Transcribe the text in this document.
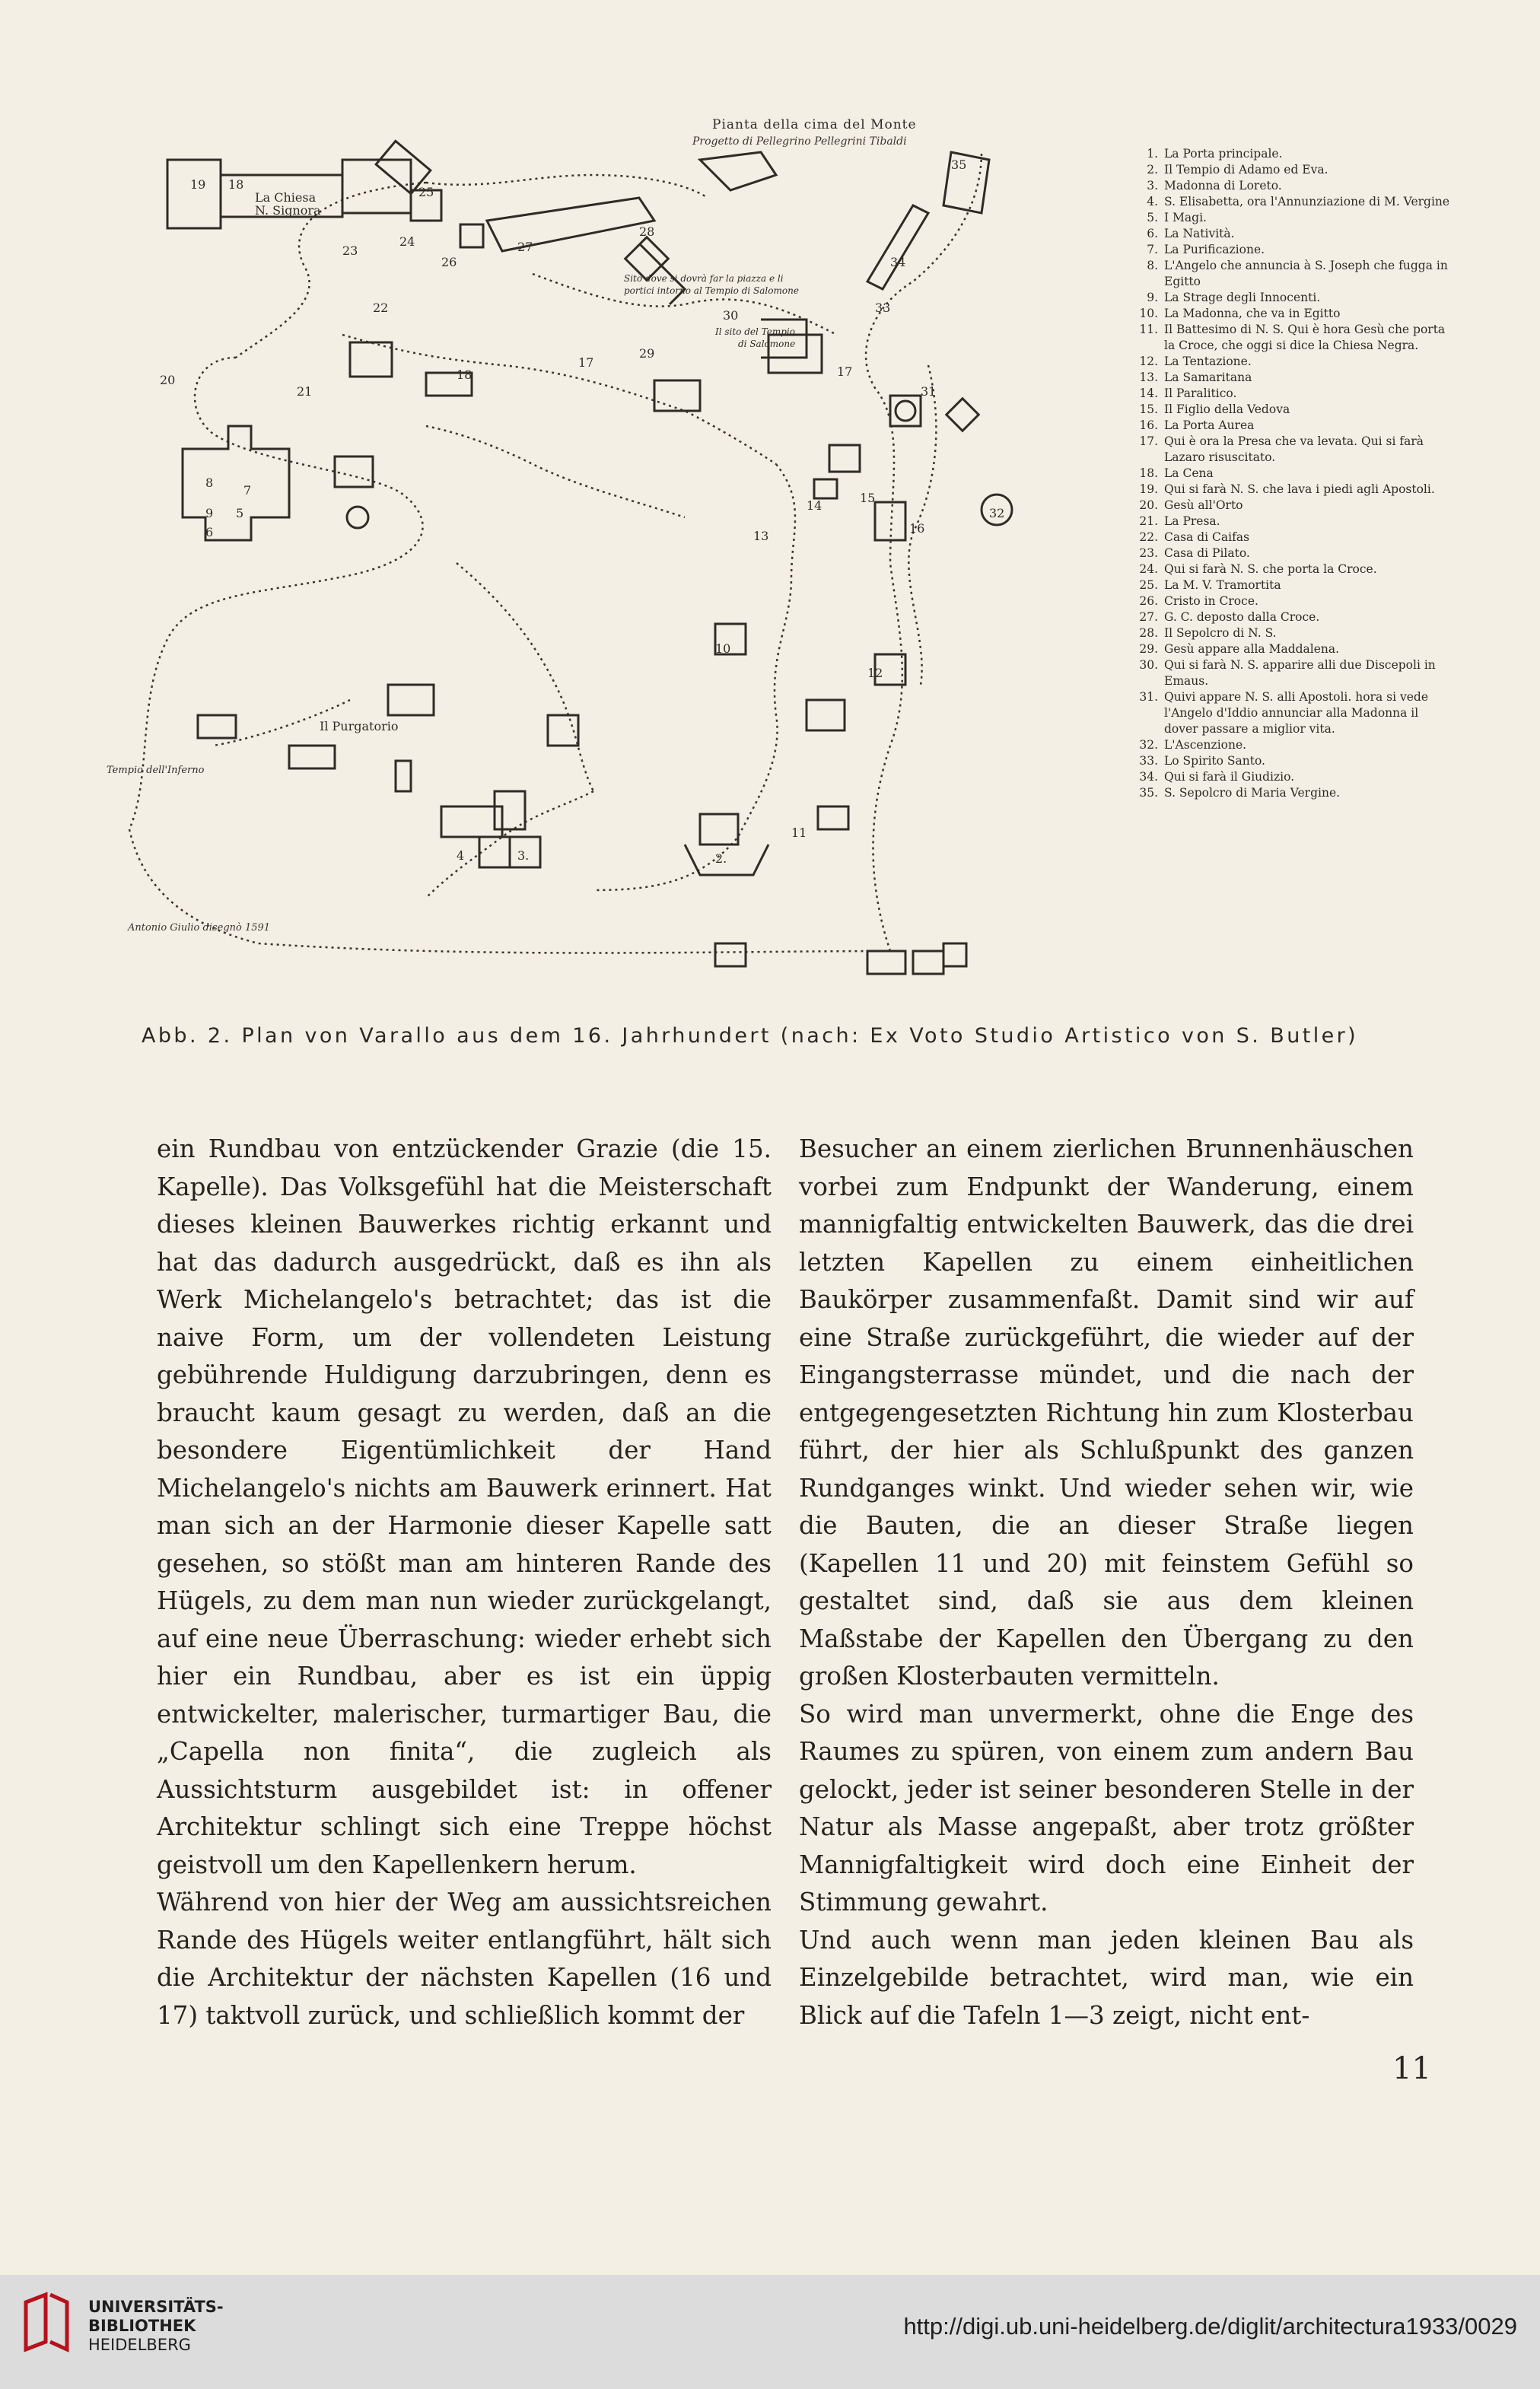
19 18
La Chiesa
N. Signora
26
27
28
25
35
34
23
24
22
29
30
33
31
32
8
7
9 5
6
20
21
14
15
16
13
10
12
11
2.
4	3.
17
17
18
Il Purgatorio
Tempio dell'Inferno
Sito dove si dovrà far la piazza e li
portici intorno al Tempio di Salomone
Il sito del Tempio
di Salomone
Pianta della cima del Monte
Progetto di Pellegrino Pellegrini Tibaldi
Antonio Giulio disegnò 1591
1. La Porta principale.
2. Il Tempio di Adamo ed Eva.
3. Madonna di Loreto.
4. S. Elisabetta, ora l'Annunziazione di M. Vergine
5. I Magi.
6. La Natività.
7. La Purificazione.
8. L'Angelo che annuncia à S. Joseph che fugga in Egitto
9. La Strage degli Innocenti.
10. La Madonna, che va in Egitto
11. Il Battesimo di N. S. Qui è hora Gesù che porta la Croce, che oggi si dice la Chiesa Negra.
12. La Tentazione.
13. La Samaritana
14. Il Paralitico.
15. Il Figlio della Vedova
16. La Porta Aurea
17. Qui è ora la Presa che va levata. Qui si farà Lazaro risuscitato.
18. La Cena
19. Qui si farà N. S. che lava i piedi agli Apostoli.
20. Gesù all'Orto
21. La Presa.
22. Casa di Caifas
23. Casa di Pilato.
24. Qui si farà N. S. che porta la Croce.
25. La M. V. Tramortita
26. Cristo in Croce.
27. G. C. deposto dalla Croce.
28. Il Sepolcro di N. S.
29. Gesù appare alla Maddalena.
30. Qui si farà N. S. apparire alli due Discepoli in Emaus.
31. Quivi appare N. S. alli Apostoli. hora si vede l'Angelo d'Iddio annunciar alla Madonna il dover passare a miglior vita.
32. L'Ascenzione.
33. Lo Spirito Santo.
34. Qui si farà il Giudizio.
35. S. Sepolcro di Maria Vergine.
Abb. 2. Plan von Varallo aus dem 16. Jahrhundert (nach: Ex Voto Studio Artistico von S. Butler)

ein Rundbau von entzückender Grazie (die 15. Kapelle). Das Volksgefühl hat die Meisterschaft dieses kleinen Bauwerkes richtig erkannt und hat das dadurch ausgedrückt, daß es ihn als Werk Michelangelo's betrachtet; das ist die naive Form, um der vollendeten Leistung gebührende Huldigung darzubringen, denn es braucht kaum gesagt zu werden, daß an die besondere Eigentümlichkeit der Hand Michelangelo's nichts am Bauwerk erinnert. Hat man sich an der Harmonie dieser Kapelle satt gesehen, so stößt man am hinteren Rande des Hügels, zu dem man nun wieder zurückgelangt, auf eine neue Überraschung: wieder erhebt sich hier ein Rundbau, aber es ist ein üppig entwickelter, malerischer, turmartiger Bau, die „Capella non finita“, die zugleich als Aussichtsturm ausgebildet ist: in offener Architektur schlingt sich eine Treppe höchst geistvoll um den Kapellenkern herum.

Während von hier der Weg am aussichtsreichen Rande des Hügels weiter entlangführt, hält sich die Architektur der nächsten Kapellen (16 und 17) taktvoll zurück, und schließlich kommt der

Besucher an einem zierlichen Brunnenhäuschen vorbei zum Endpunkt der Wanderung, einem mannigfaltig entwickelten Bauwerk, das die drei letzten Kapellen zu einem einheitlichen Baukörper zusammenfaßt. Damit sind wir auf eine Straße zurückgeführt, die wieder auf der Eingangsterrasse mündet, und die nach der entgegengesetzten Richtung hin zum Klosterbau führt, der hier als Schlußpunkt des ganzen Rundganges winkt. Und wieder sehen wir, wie die Bauten, die an dieser Straße liegen (Kapellen 11 und 20) mit feinstem Gefühl so gestaltet sind, daß sie aus dem kleinen Maßstabe der Kapellen den Übergang zu den großen Klosterbauten vermitteln.

So wird man unvermerkt, ohne die Enge des Raumes zu spüren, von einem zum andern Bau gelockt, jeder ist seiner besonderen Stelle in der Natur als Masse angepaßt, aber trotz größter Mannigfaltigkeit wird doch eine Einheit der Stimmung gewahrt.

Und auch wenn man jeden kleinen Bau als Einzelgebilde betrachtet, wird man, wie ein Blick auf die Tafeln 1—3 zeigt, nicht ent-

11
UNIVERSITÄTS-
BIBLIOTHEK
HEIDELBERG
http://digi.ub.uni-heidelberg.de/diglit/architectura1933/0029
